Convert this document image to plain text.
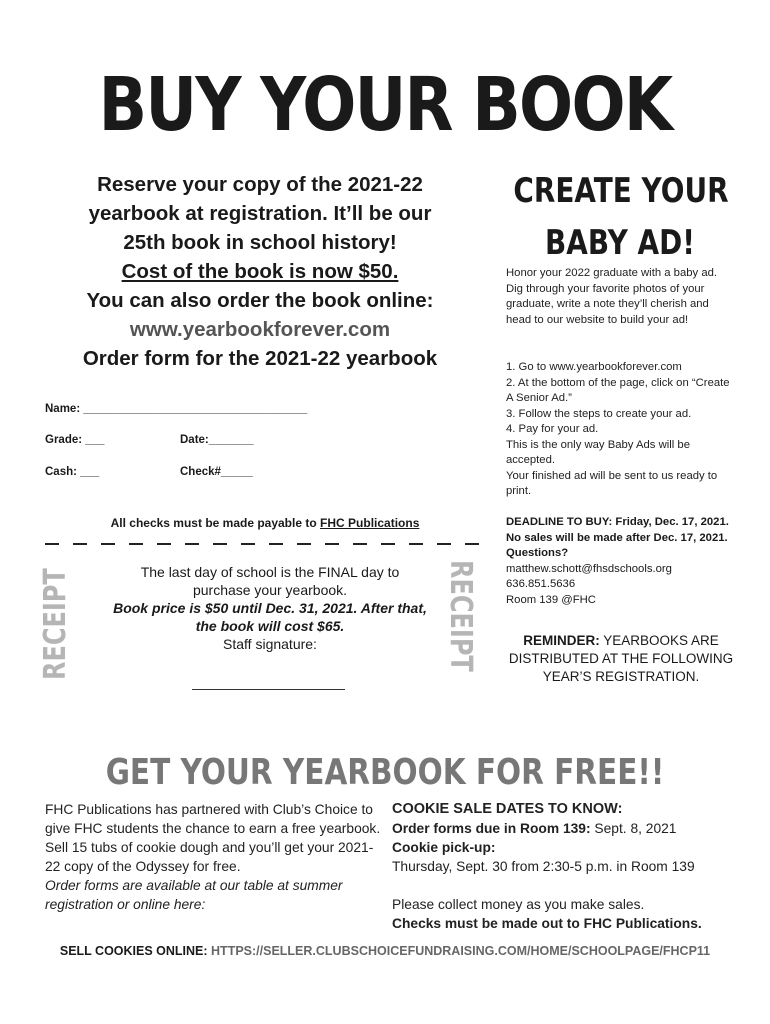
BUY YOUR BOOK
Reserve your copy of the 2021-22
yearbook at registration. It’ll be our
25th book in school history!
Cost of the book is now $50.
You can also order the book online:
www.yearbookforever.com
Order form for the 2021-22 yearbook
Name: ___________________________________
Grade: ___	Date:_______
Cash: ___	Check#_____
All checks must be made payable to FHC Publications
RECEIPT	RECEIPT
The last day of school is the FINAL day to
purchase your yearbook.
Book price is $50 until Dec. 31, 2021. After that,
the book will cost $65.
Staff signature:
CREATE YOUR
BABY AD!
Honor your 2022 graduate with a baby ad. Dig through your favorite photos of your graduate, write a note they’ll cherish and head to our website to build your ad!
1. Go to www.yearbookforever.com
2. At the bottom of the page, click on “Create A Senior Ad.”
3. Follow the steps to create your ad.
4. Pay for your ad.
This is the only way Baby Ads will be accepted.
Your finished ad will be sent to us ready to print.
DEADLINE TO BUY: Friday, Dec. 17, 2021. No sales will be made after Dec. 17, 2021.
Questions?
matthew.schott@fhsdschools.org
636.851.5636
Room 139 @FHC
REMINDER: YEARBOOKS ARE DISTRIBUTED AT THE FOLLOWING YEAR’S REGISTRATION.
GET YOUR YEARBOOK FOR FREE!!
FHC Publications has partnered with Club’s Choice to give FHC students the chance to earn a free yearbook.
Sell 15 tubs of cookie dough and you’ll get your 2021-22 copy of the Odyssey for free.
Order forms are available at our table at summer registration or online here:
COOKIE SALE DATES TO KNOW:
Order forms due in Room 139: Sept. 8, 2021
Cookie pick-up:
Thursday, Sept. 30 from 2:30-5 p.m. in Room 139
Please collect money as you make sales.
Checks must be made out to FHC Publications.
SELL COOKIES ONLINE: HTTPS://SELLER.CLUBSCHOICEFUNDRAISING.COM/HOME/SCHOOLPAGE/FHCP11
